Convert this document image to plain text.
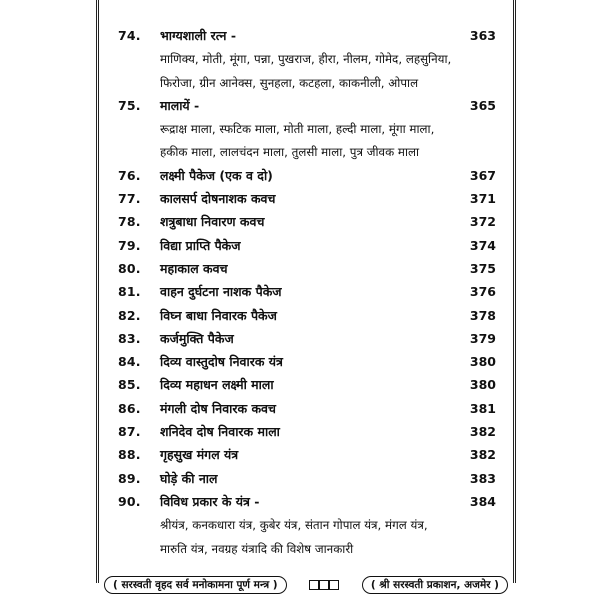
74.	भाग्यशाली रत्न -	363
माणिक्य, मोती, मूंगा, पन्ना, पुखराज, हीरा, नीलम, गोमेद, लहसुनिया,
फिरोजा, ग्रीन आनेक्स, सुनहला, कटहला, काकनीली, ओपाल
75.	मालायें -	365
रूद्राक्ष माला, स्फटिक माला, मोती माला, हल्दी माला, मूंगा माला,
हकीक माला, लालचंदन माला, तुलसी माला, पुत्र जीवक माला
76.	लक्ष्मी पैकेज (एक व दो)	367
77.	कालसर्प दोषनाशक कवच	371
78.	शत्रुबाधा निवारण कवच	372
79.	विद्या प्राप्ति पैकेज	374
80.	महाकाल कवच	375
81.	वाहन दुर्घटना नाशक पैकेज	376
82.	विघ्न बाधा निवारक पैकेज	378
83.	कर्जमुक्ति पैकेज	379
84.	दिव्य वास्तुदोष निवारक यंत्र	380
85.	दिव्य महाधन लक्ष्मी माला	380
86.	मंगली दोष निवारक कवच	381
87.	शनिदेव दोष निवारक माला	382
88.	गृहसुख मंगल यंत्र	382
89.	घोड़े की नाल	383
90.	विविध प्रकार के यंत्र -	384
श्रीयंत्र, कनकधारा यंत्र, कुबेर यंत्र, संतान गोपाल यंत्र, मंगल यंत्र,
मारुति यंत्र, नवग्रह यंत्रादि की विशेष जानकारी
( सरस्वती वृहद सर्व मनोकामना पूर्ण मन्त्र )	( श्री सरस्वती प्रकाशन, अजमेर )
